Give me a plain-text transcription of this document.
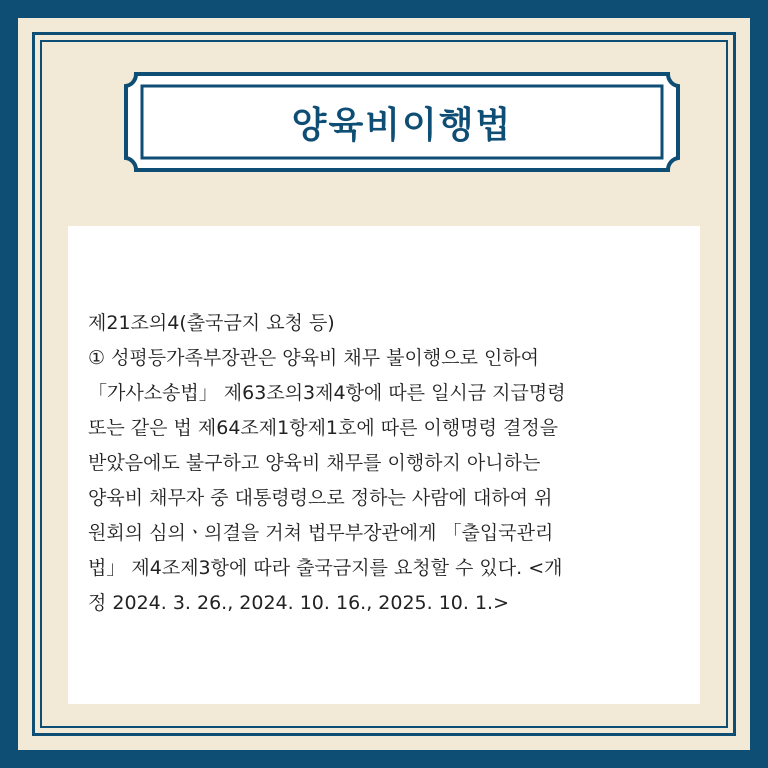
양육비이행법

제21조의4(출국금지 요청 등)

① 성평등가족부장관은 양육비 채무 불이행으로 인하여

「가사소송법」 제63조의3제4항에 따른 일시금 지급명령

또는 같은 법 제64조제1항제1호에 따른 이행명령 결정을

받았음에도 불구하고 양육비 채무를 이행하지 아니하는

양육비 채무자 중 대통령령으로 정하는 사람에 대하여 위

원회의 심의ㆍ의결을 거쳐 법무부장관에게 「출입국관리

법」 제4조제3항에 따라 출국금지를 요청할 수 있다. <개

정 2024. 3. 26., 2024. 10. 16., 2025. 10. 1.>
